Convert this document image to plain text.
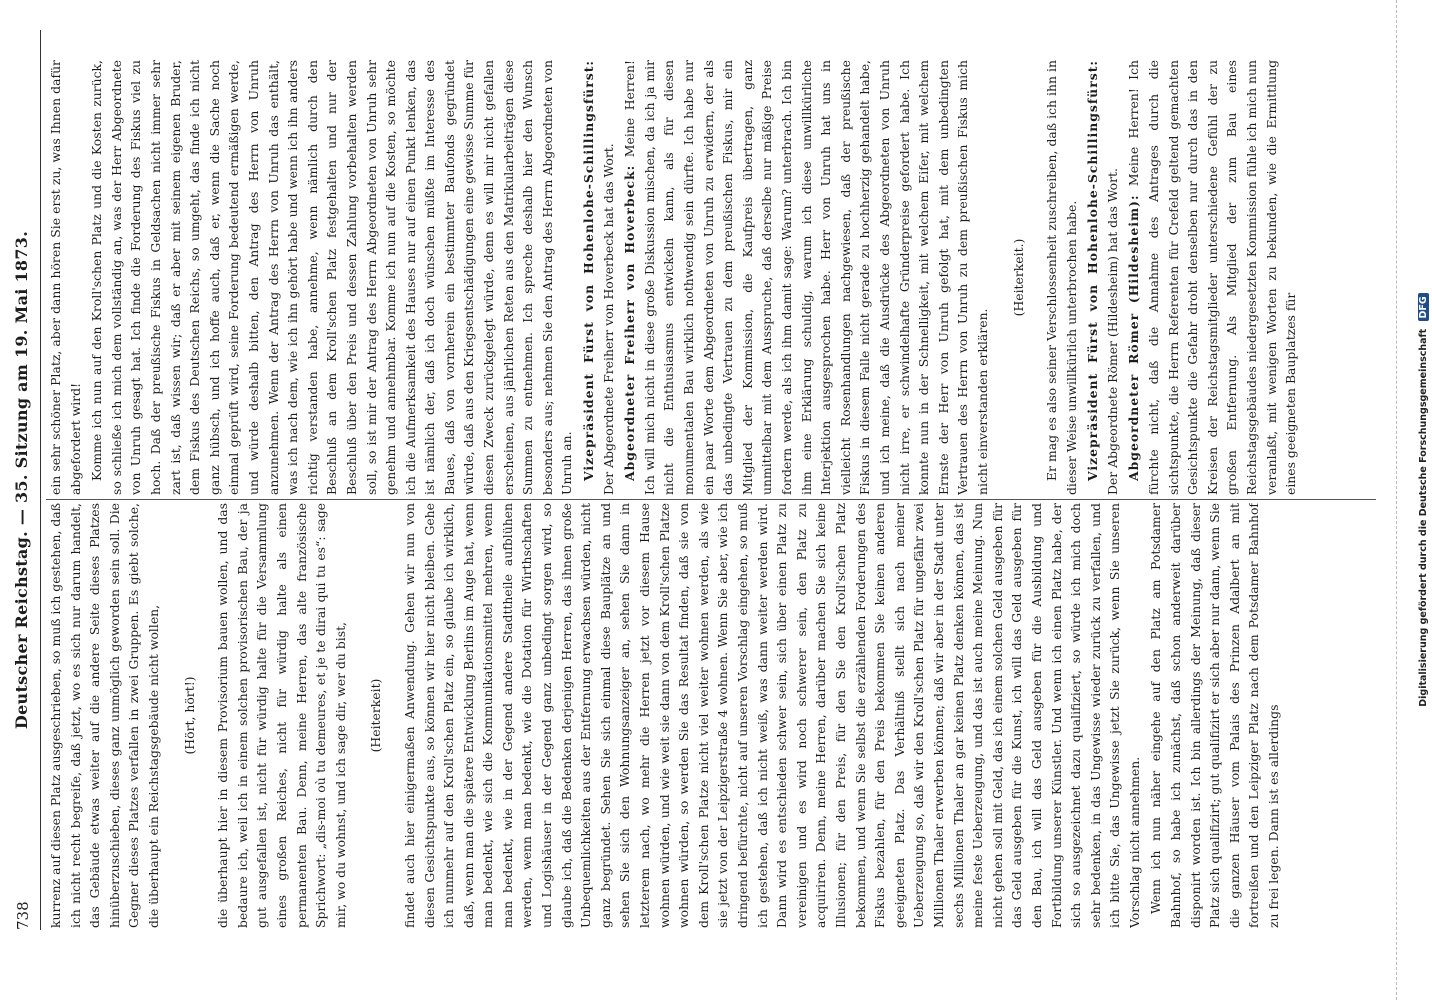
738
Deutscher Reichstag. — 35. Sitzung am 19. Mai 1873. kurrenz auf diesen Platz ausgeschrieben, so muß ich gestehen, daß ich nicht recht begreife, daß jetzt, wo es sich nur darum handelt, das Gebäude etwas weiter auf die andere Seite dieses Platzes hinüberzuschieben, dieses ganz unmöglich geworden sein soll. Die Gegner dieses Platzes verfallen in zwei Gruppen. Es giebt solche, die überhaupt ein Reichstagsgebäude nicht wollen, (Hört, hört!) die überhaupt hier in diesem Provisorium bauen wollen, und das bedaure ich, weil ich in einem solchen provisorischen Bau, der ja gut ausgefallen ist, nicht für würdig halte für die Versammlung eines großen Reiches, nicht für würdig halte als einen permanenten Bau. Denn, meine Herren, das alte französische Sprichwort: „dis-moi où tu demeures, et je te dirai qui tu es“: sage mir, wo du wohnst, und ich sage dir, wer du bist, (Heiterkeit) findet auch hier einigermaßen Anwendung. Gehen wir nun von diesen Gesichtspunkte aus, so können wir hier nicht bleiben. Gehe ich nunmehr auf den Kroll'schen Platz ein, so glaube ich wirklich, daß, wenn man die spätere Entwicklung Berlins im Auge hat, wenn man bedenkt, wie sich die Kommunikationsmittel mehren, wenn man bedenkt, wie in der Gegend andere Stadttheile aufblühen werden, wenn man bedenkt, wie die Dotation für Wirthschaften und Logishäuser in der Gegend ganz unbedingt sorgen wird, so glaube ich, daß die Bedenken derjenigen Herren, das ihnen große Unbequemlichkeiten aus der Entfernung erwachsen würden, nicht ganz begründet. Sehen Sie sich einmal diese Bauplätze an und sehen Sie sich den Wohnungsanzeiger an, sehen Sie dann in letzterem nach, wo mehr die Herren jetzt vor diesem Hause wohnen würden, und wie weit sie dann von dem Kroll'schen Platze wohnen würden, so werden Sie das Resultat finden, daß sie von dem Kroll'schen Platze nicht viel weiter wohnen werden, als wie sie jetzt von der Leipzigerstraße 4 wohnen. Wenn Sie aber, wie ich dringend befürchte, nicht auf unseren Vorschlag eingehen, so muß ich gestehen, daß ich nicht weiß, was dann weiter werden wird. Dann wird es entschieden schwer sein, sich über einen Platz zu vereinigen und es wird noch schwerer sein, den Platz zu acquiriren. Denn, meine Herren, darüber machen Sie sich keine Illusionen; für den Preis, für den Sie den Kroll'schen Platz bekommen, und wenn Sie selbst die erzählenden Forderungen des Fiskus bezahlen, für den Preis bekommen Sie keinen anderen geeigneten Platz. Das Verhältniß stellt sich nach meiner Ueberzeugung so, daß wir den Kroll'schen Platz für ungefähr zwei Millionen Thaler erwerben können; daß wir aber in der Stadt unter sechs Millionen Thaler an gar keinen Platz denken können, das ist meine feste Ueberzeugung, und das ist auch meine Meinung. Nun nicht gehen soll mit Geld, das ich einem solchen Geld ausgeben für das Geld ausgeben für die Kunst, ich will das Geld ausgeben für den Bau, ich will das Geld ausgeben für die Ausbildung und Fortbildung unserer Künstler. Und wenn ich einen Platz habe, der sich so ausgezeichnet dazu qualifiziert, so würde ich mich doch sehr bedenken, in das Ungewisse wieder zurück zu verfallen, und ich bitte Sie, das Ungewisse jetzt Sie zurück, wenn Sie unseren Vorschlag nicht annehmen. Wenn ich nun näher eingehe auf den Platz am Potsdamer Bahnhof, so habe ich zunächst, daß schon anderweit darüber disponirt worden ist. Ich bin allerdings der Meinung, daß dieser Platz sich qualifizirt; gut qualifizirt er sich aber nur dann, wenn Sie die ganzen Häuser vom Palais des Prinzen Adalbert an mit fortreißen und den Leipziger Platz nach dem Potsdamer Bahnhof zu frei legen. Dann ist es allerdings

ein sehr schöner Platz, aber dann hören Sie erst zu, was Ihnen dafür abgefordert wird! Komme ich nun auf den Kroll'schen Platz und die Kosten zurück, so schließe ich mich dem vollständig an, was der Herr Abgeordnete von Unruh gesagt hat. Ich finde die Forderung des Fiskus viel zu hoch. Daß der preußische Fiskus in Geldsachen nicht immer sehr zart ist, daß wissen wir; daß er aber mit seinem eigenen Bruder, dem Fiskus des Deutschen Reichs, so umgeht, das finde ich nicht ganz hübsch, und ich hoffe auch, daß er, wenn die Sache noch einmal geprüft wird, seine Forderung bedeutend ermäßigen werde, und würde deshalb bitten, den Antrag des Herrn von Unruh anzunehmen. Wenn der Antrag des Herrn von Unruh das enthält, was ich nach dem, wie ich ihn gehört habe und wenn ich ihn anders richtig verstanden habe, annehme, wenn nämlich durch den Beschluß an dem Kroll'schen Platz festgehalten und nur der Beschluß über den Preis und dessen Zahlung vorbehalten werden soll, so ist mir der Antrag des Herrn Abgeordneten von Unruh sehr genehm und annehmbar. Komme ich nun auf die Kosten, so möchte ich die Aufmerksamkeit des Hauses nur auf einen Punkt lenken, das ist nämlich der, daß ich doch wünschen müßte im Interesse des Baues, daß von vornherein ein bestimmter Baufonds gegründet würde, daß aus den Kriegsentschädigungen eine gewisse Summe für diesen Zweck zurückgelegt würde, denn es will mir nicht gefallen erscheinen, aus jährlichen Reten aus den Matrikularbeiträgen diese Summen zu entnehmen. Ich spreche deshalb hier den Wunsch besonders aus; nehmen Sie den Antrag des Herrn Abgeordneten von Unruh an. Vizepräsident Fürst von Hohenlohe-Schillingsfürst: Der Abgeordnete Freiherr von Hoverbeck hat das Wort. Abgeordneter Freiherr von Hoverbeck: Meine Herren! Ich will mich nicht in diese große Diskussion mischen, da ich ja mir nicht die Enthusiasmus entwickeln kann, als für diesen monumentalen Bau wirklich nothwendig sein dürfte. Ich habe nur ein paar Worte dem Abgeordneten von Unruh zu erwidern, der als das unbedingte Vertrauen zu dem preußischen Fiskus, mir ein Mitglied der Kommission, die Kaufpreis übertragen, ganz unmittelbar mit dem Ausspruche, daß derselbe nur mäßige Preise fordern werde, als ich ihm damit sage: Warum? unterbrach. Ich bin ihm eine Erklärung schuldig, warum ich diese unwillkürliche Interjektion ausgesprochen habe. Herr von Unruh hat uns in vielleicht Rosenhandlungen nachgewiesen, daß der preußische Fiskus in diesem Falle nicht gerade zu hochherzig gehandelt habe, und ich meine, daß die Ausdrücke des Abgeordneten von Unruh nicht irre, er schwindelhafte Gründerpreise gefordert habe. Ich konnte nun in der Schnelligkeit, mit welchem Eifer, mit welchem Ernste der Herr von Unruh gefolgt hat, mit dem unbedingten Vertrauen des Herrn von Unruh zu dem preußischen Fiskus mich nicht einverstanden erklären.

(Heiterkeit.) Er mag es also seiner Verschlossenheit zuschreiben, daß ich ihn in dieser Weise unwillkürlich unterbrochen habe. Vizepräsident Fürst von Hohenlohe-Schillingsfürst: Der Abgeordnete Römer (Hildesheim) hat das Wort. Abgeordneter Römer (Hildesheim): Meine Herren! Ich fürchte nicht, daß die Annahme des Antrages durch die sichtspunkte, die Herrn Referenten für Crefeld geltend gemachten Gesichtspunkte die Gefahr droht denselben nur durch das in den Kreisen der Reichstagsmitglieder unterschiedene Gefühl der zu großen Entfernung. Als Mitglied der zum Bau eines Reichstagsgebäudes niedergesetzten Kommission fühle ich mich nun veranlaßt, mit wenigen Worten zu bekunden, wie die Ermittlung eines geeigneten Bauplatzes für	Digitalisierung gefördert durch die Deutsche Forschungsgemeinschaft DFG
